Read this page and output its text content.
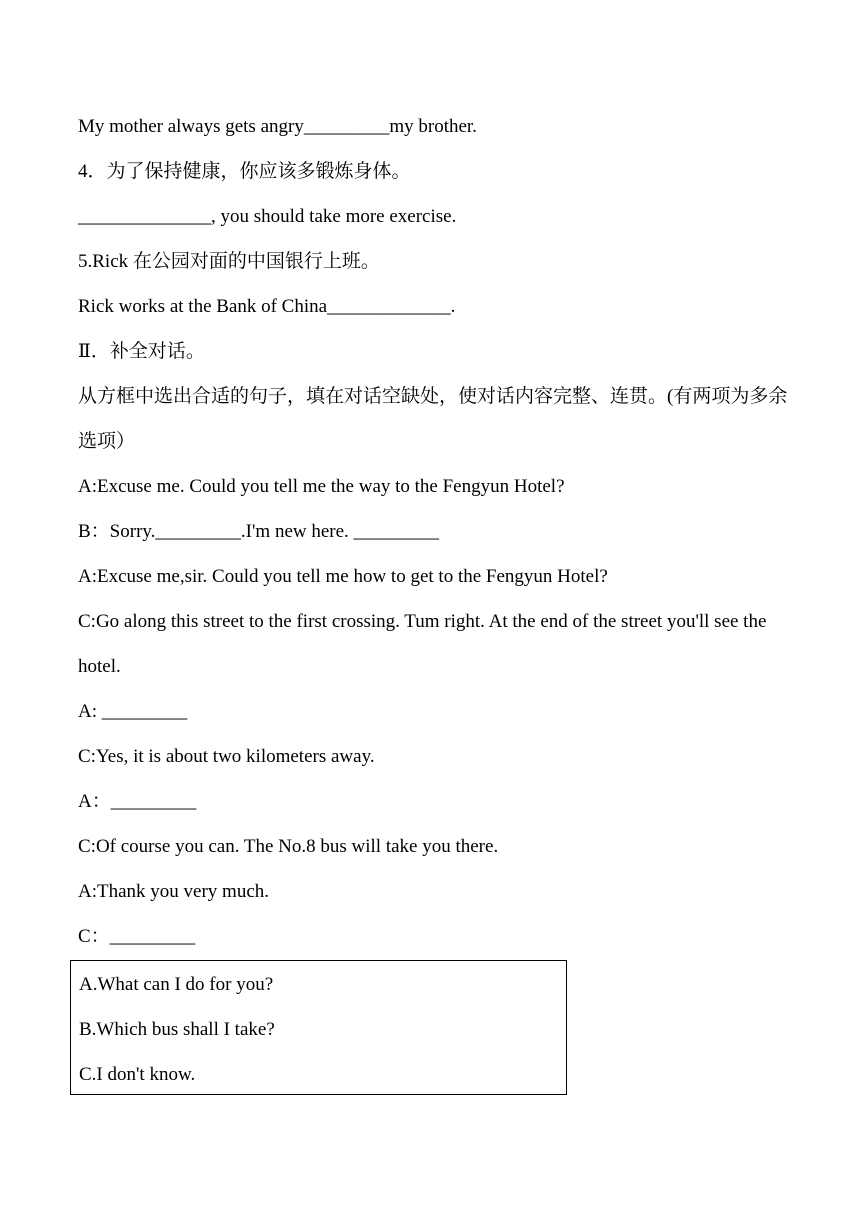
My mother always gets angry_________my brother.
4．为了保持健康，你应该多锻炼身体。
______________, you should take more exercise.
5.Rick 在公园对面的中国银行上班。
Rick works at the Bank of China_____________.
Ⅱ．补全对话。
从方框中选出合适的句子，填在对话空缺处，使对话内容完整、连贯。(有两项为多余选项）
A:Excuse me. Could you tell me the way to the Fengyun Hotel?
B：Sorry._________.I'm new here. _________
A:Excuse me,sir. Could you tell me how to get to the Fengyun Hotel?
C:Go along this street to the first crossing. Tum right. At the end of the street you'll see the hotel.
A: _________
C:Yes, it is about two kilometers away.
A：_________
C:Of course you can. The No.8 bus will take you there.
A:Thank you very much.
C：_________
A.What can I do for you?
B.Which bus shall I take?
C.I don't know.
